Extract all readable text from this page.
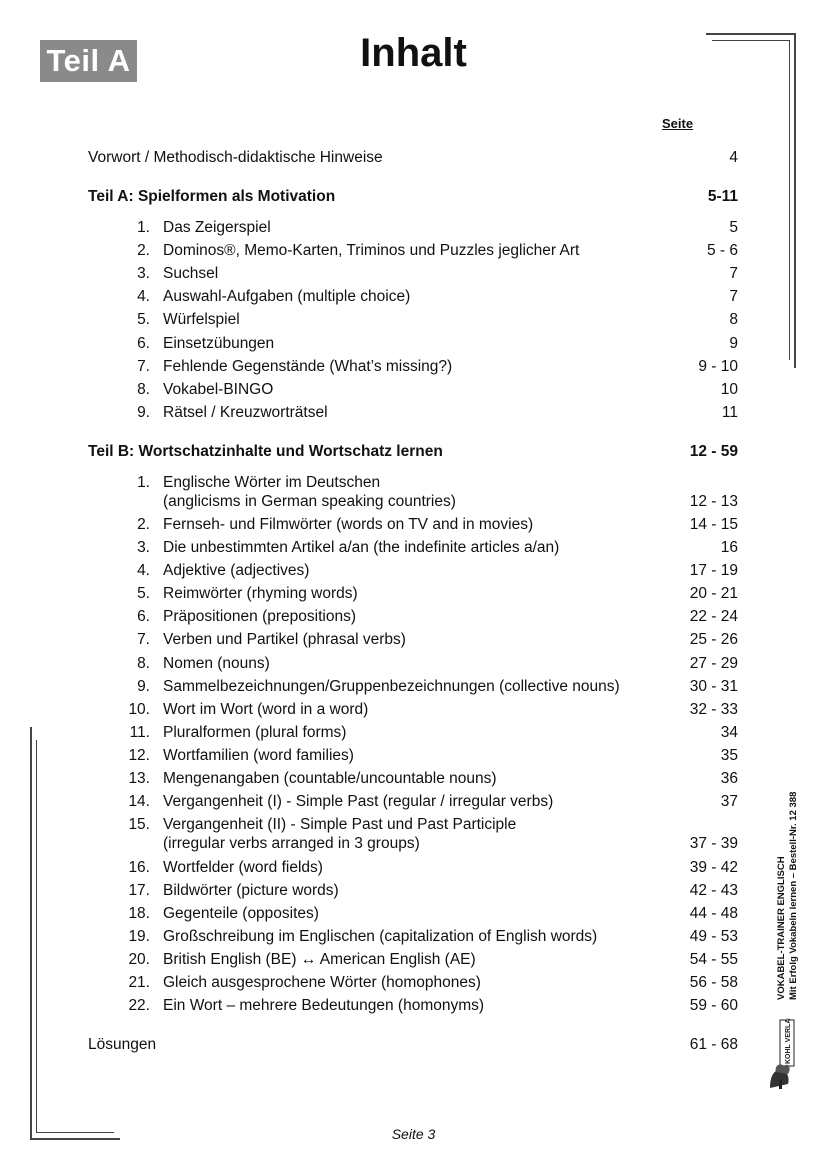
Teil A	Inhalt
Seite
Vorwort / Methodisch-didaktische Hinweise	4
Teil A: Spielformen als Motivation	5-11
1. Das Zeigerspiel	5
2. Dominos®, Memo-Karten, Triminos und Puzzles jeglicher Art	5 - 6
3. Suchsel	7
4. Auswahl-Aufgaben (multiple choice)	7
5. Würfelspiel	8
6. Einsetzübungen	9
7. Fehlende Gegenstände (What’s missing?)	9 - 10
8. Vokabel-BINGO	10
9. Rätsel / Kreuzworträtsel	11
Teil B: Wortschatzinhalte und Wortschatz lernen	12 - 59
1. Englische Wörter im Deutschen
(anglicisms in German speaking countries)	12 - 13
2. Fernseh- und Filmwörter (words on TV and in movies)	14 - 15
3. Die unbestimmten Artikel a/an (the indefinite articles a/an)	16
4. Adjektive (adjectives)	17 - 19
5. Reimwörter (rhyming words)	20 - 21
6. Präpositionen (prepositions)	22 - 24
7. Verben und Partikel (phrasal verbs)	25 - 26
8. Nomen (nouns)	27 - 29
9. Sammelbezeichnungen/Gruppenbezeichnungen (collective nouns)	30 - 31
10. Wort im Wort (word in a word)	32 - 33
11. Pluralformen (plural forms)	34
12. Wortfamilien (word families)	35
13. Mengenangaben (countable/uncountable nouns)	36
14. Vergangenheit (I) - Simple Past (regular / irregular verbs)	37
15. Vergangenheit (II) - Simple Past und Past Participle
(irregular verbs arranged in 3 groups)	37 - 39
16. Wortfelder (word fields)	39 - 42
17. Bildwörter (picture words)	42 - 43
18. Gegenteile (opposites)	44 - 48
19. Großschreibung im Englischen (capitalization of English words)	49 - 53
20. British English (BE) ↔ American English (AE)	54 - 55
21. Gleich ausgesprochene Wörter (homophones)	56 - 58
22. Ein Wort – mehrere Bedeutungen (homonyms)	59 - 60
Lösungen	61 - 68
VOKABEL-TRAINER ENGLISCH Mit Erfolg Vokabeln lernen – Bestell-Nr. 12 388
KOHL VERLAG
Seite 3
